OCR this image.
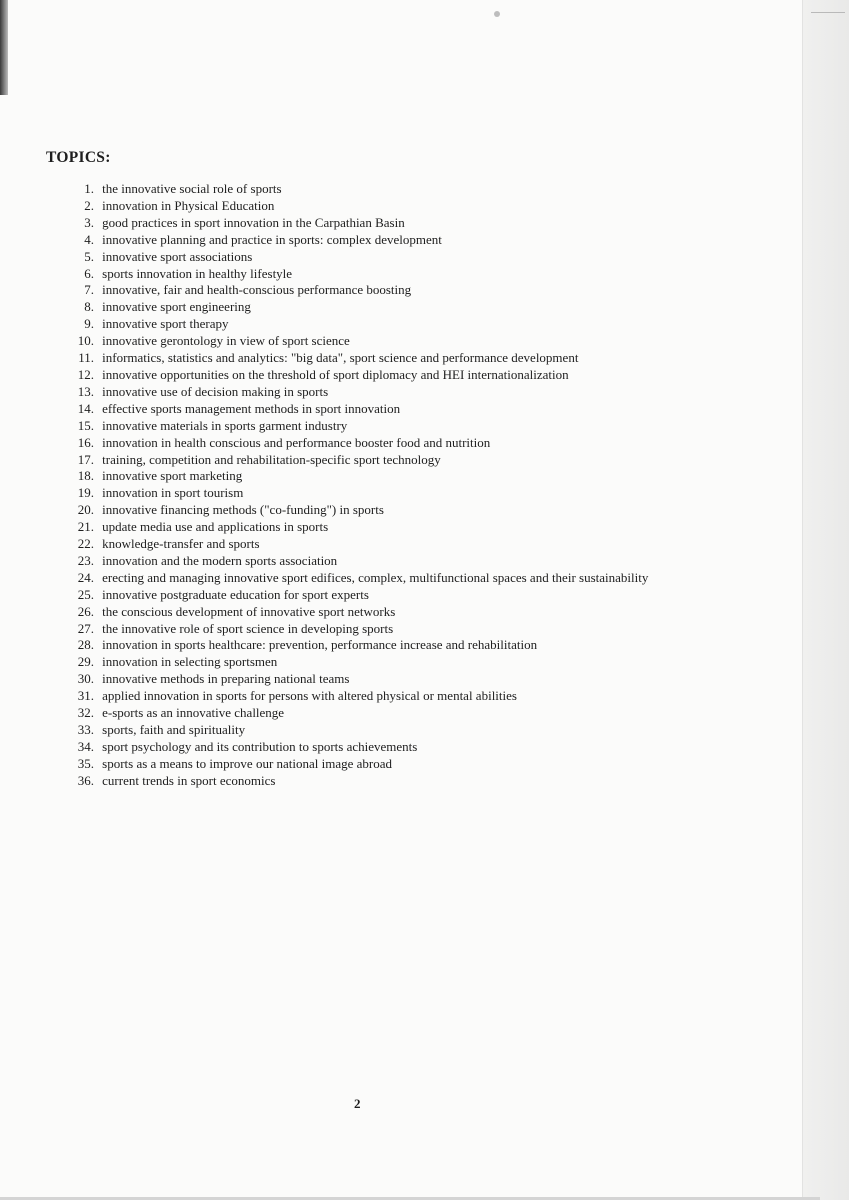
TOPICS:
1. the innovative social role of sports
2. innovation in Physical Education
3. good practices in sport innovation in the Carpathian Basin
4. innovative planning and practice in sports: complex development
5. innovative sport associations
6. sports innovation in healthy lifestyle
7. innovative, fair and health-conscious performance boosting
8. innovative sport engineering
9. innovative sport therapy
10. innovative gerontology in view of sport science
11. informatics, statistics and analytics: "big data", sport science and performance development
12. innovative opportunities on the threshold of sport diplomacy and HEI internationalization
13. innovative use of decision making in sports
14. effective sports management methods in sport innovation
15. innovative materials in sports garment industry
16. innovation in health conscious and performance booster food and nutrition
17. training, competition and rehabilitation-specific sport technology
18. innovative sport marketing
19. innovation in sport tourism
20. innovative financing methods ("co-funding") in sports
21. update media use and applications in sports
22. knowledge-transfer and sports
23. innovation and the modern sports association
24. erecting and managing innovative sport edifices, complex, multifunctional spaces and their sustainability
25. innovative postgraduate education for sport experts
26. the conscious development of innovative sport networks
27. the innovative role of sport science in developing sports
28. innovation in sports healthcare: prevention, performance increase and rehabilitation
29. innovation in selecting sportsmen
30. innovative methods in preparing national teams
31. applied innovation in sports for persons with altered physical or mental abilities
32. e-sports as an innovative challenge
33. sports, faith and spirituality
34. sport psychology and its contribution to sports achievements
35. sports as a means to improve our national image abroad
36. current trends in sport economics
2
